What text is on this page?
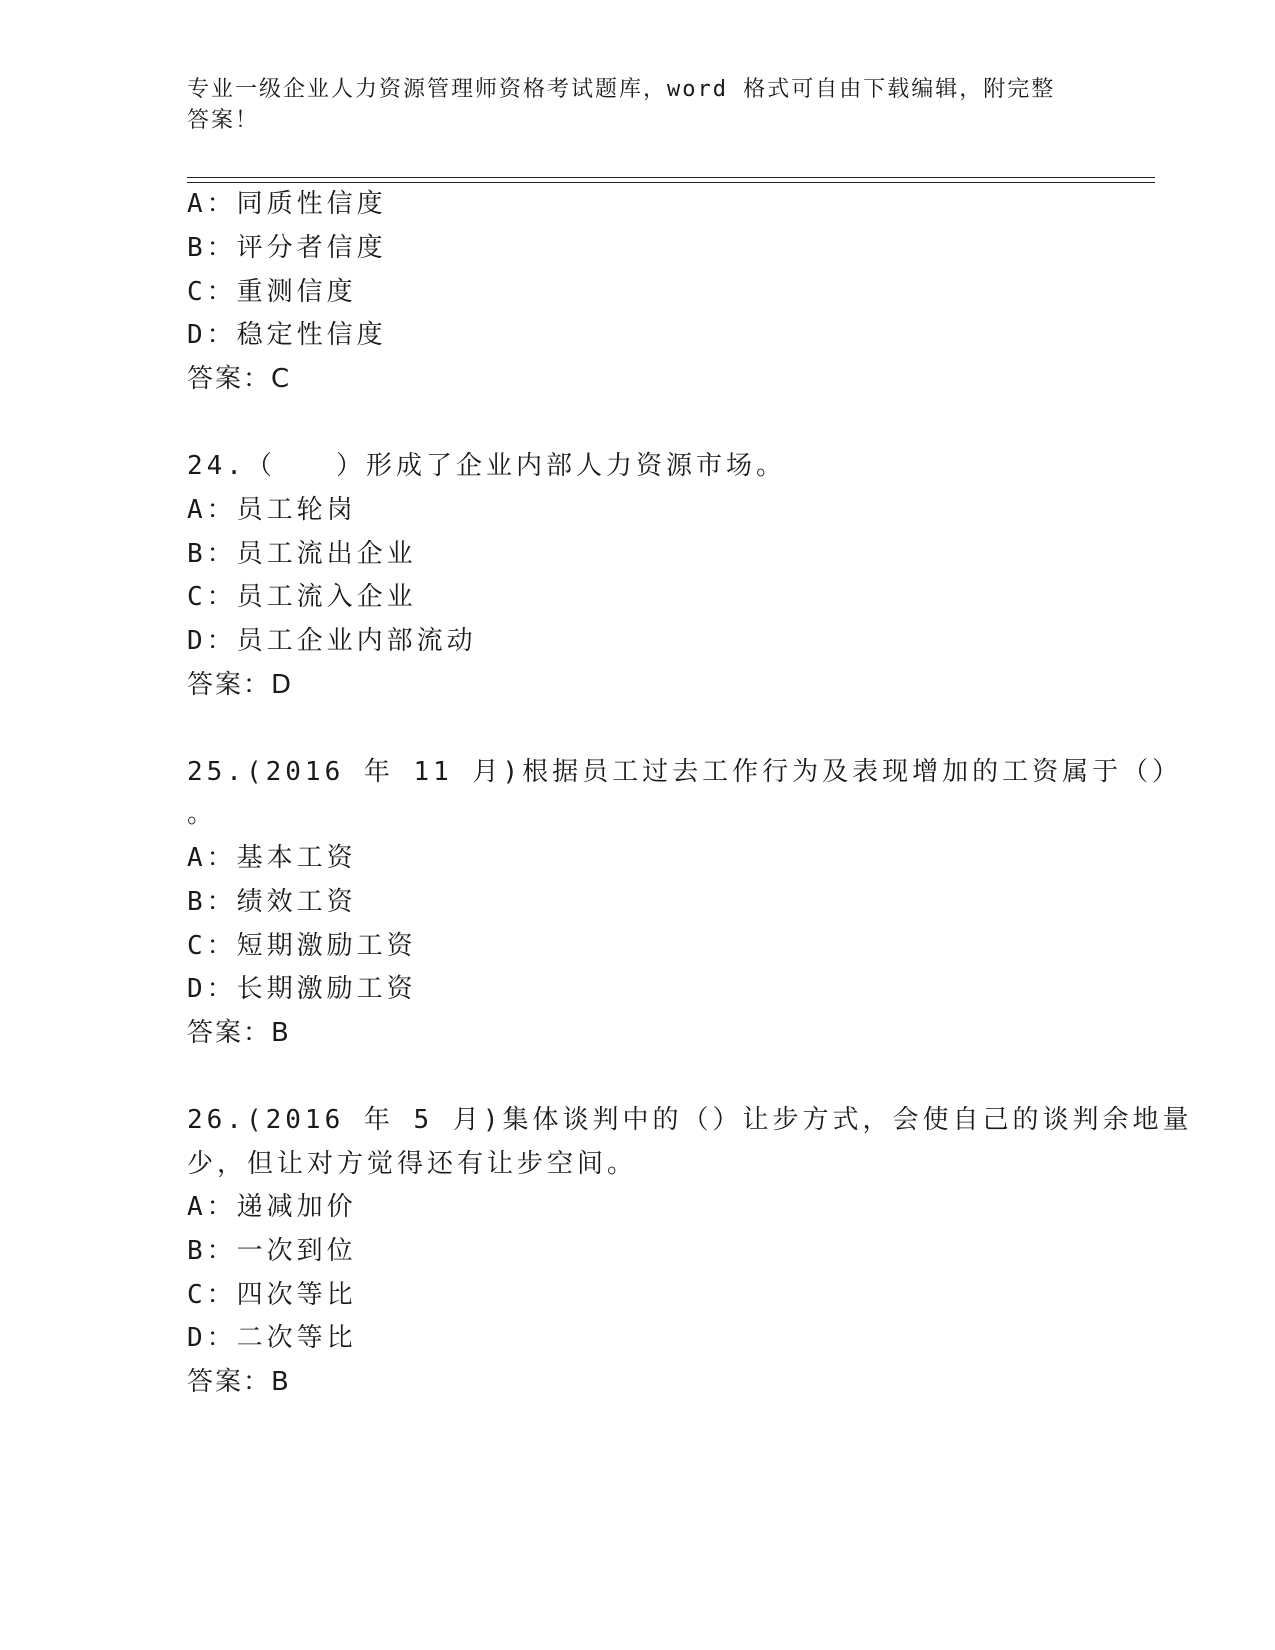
专业一级企业人力资源管理师资格考试题库，word 格式可自由下载编辑，附完整
答案！
A：同质性信度
B：评分者信度
C：重测信度
D：稳定性信度
答案：C
24.（　　）形成了企业内部人力资源市场。
A：员工轮岗
B：员工流出企业
C：员工流入企业
D：员工企业内部流动
答案：D
25.(2016 年 11 月)根据员工过去工作行为及表现增加的工资属于（）
。
A：基本工资
B：绩效工资
C：短期激励工资
D：长期激励工资
答案：B
26.(2016 年 5 月)集体谈判中的（）让步方式，会使自己的谈判余地量
少，但让对方觉得还有让步空间。
A：递减加价
B：一次到位
C：四次等比
D：二次等比
答案：B
